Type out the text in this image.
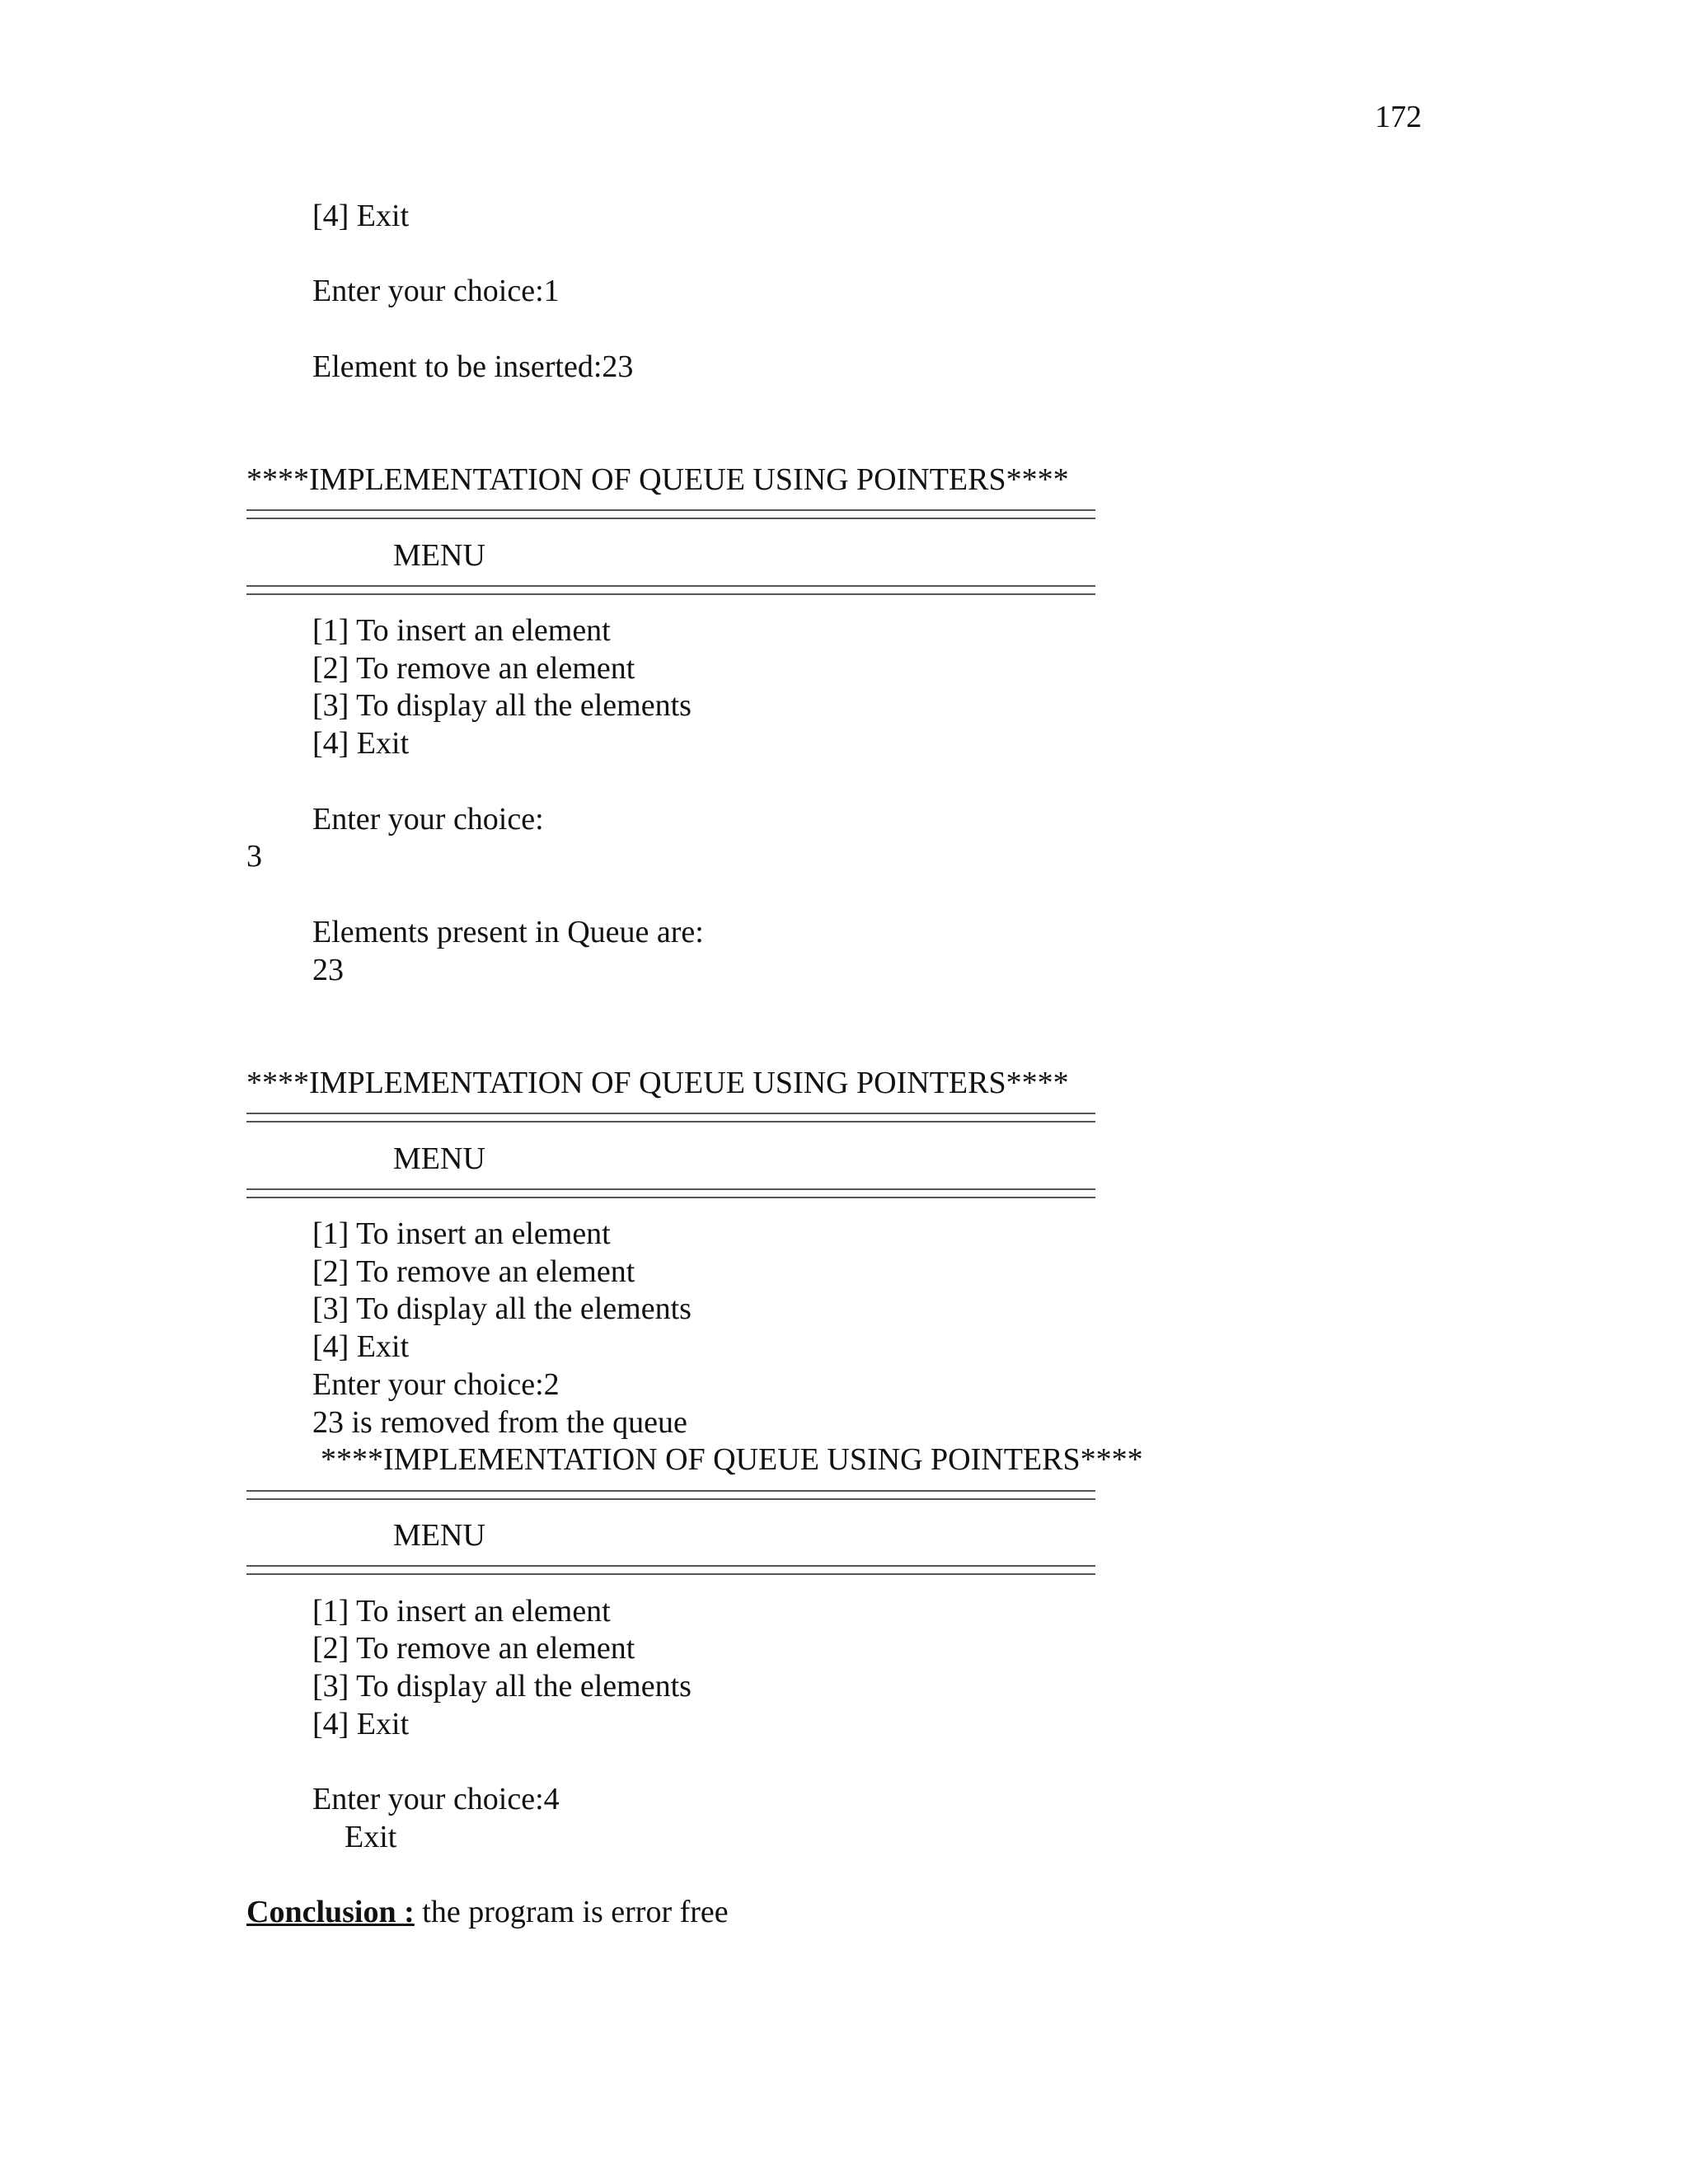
172
[4] Exit
Enter your choice:1
Element to be inserted:23
****IMPLEMENTATION OF QUEUE USING POINTERS****
MENU
[1] To insert an element
[2] To remove an element
[3] To display all the elements
[4] Exit
Enter your choice:
3
Elements present in Queue are:
23
****IMPLEMENTATION OF QUEUE USING POINTERS****
MENU
[1] To insert an element
[2] To remove an element
[3] To display all the elements
[4] Exit
Enter your choice:2
23 is removed from the queue
****IMPLEMENTATION OF QUEUE USING POINTERS****
MENU
[1] To insert an element
[2] To remove an element
[3] To display all the elements
[4] Exit
Enter your choice:4
Exit
Conclusion : the program is error free
